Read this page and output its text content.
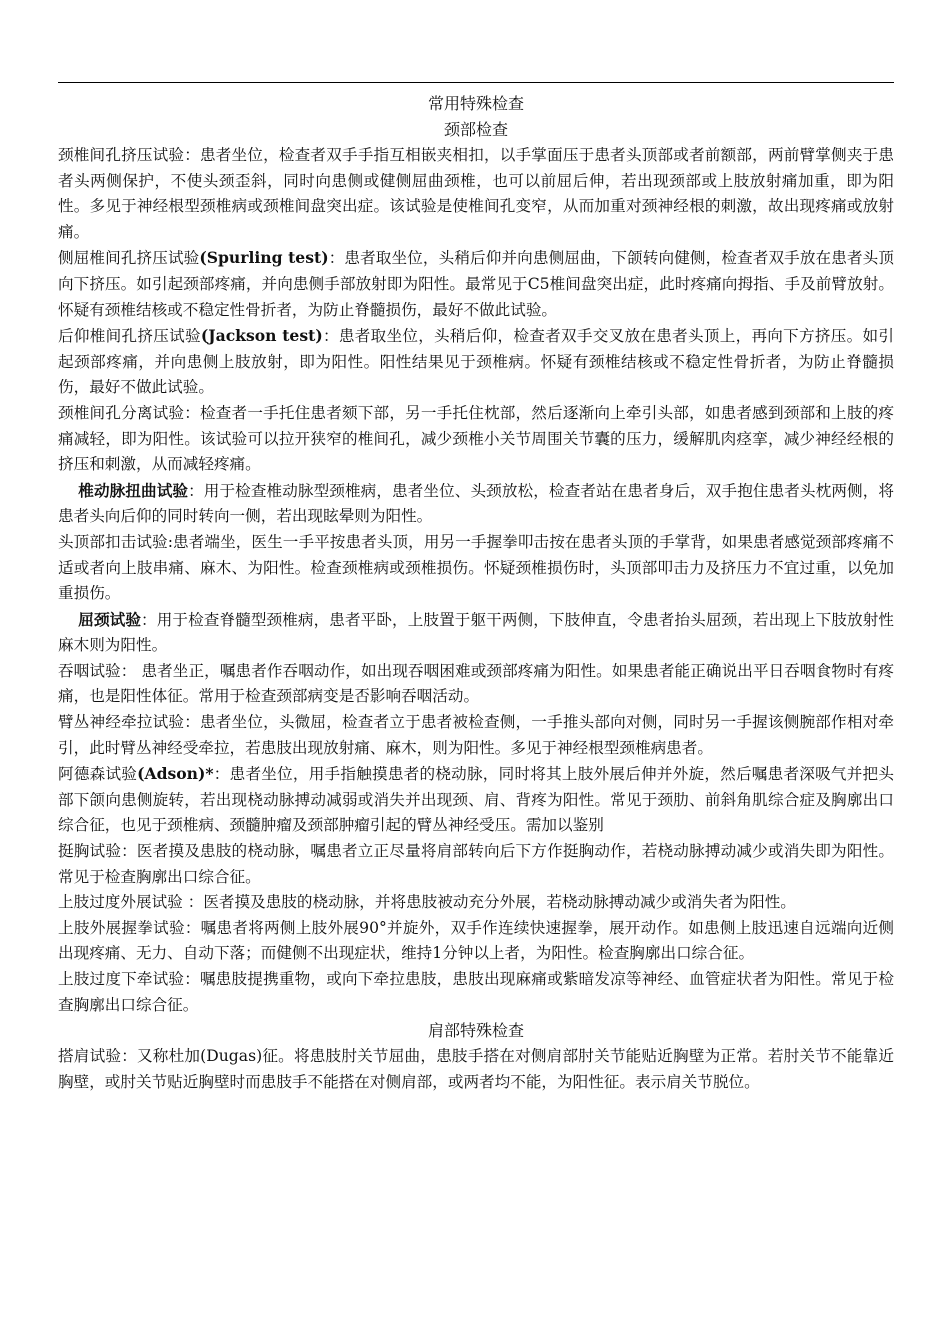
常用特殊检查

颈部检查

颈椎间孔挤压试验：患者坐位，检查者双手手指互相嵌夹相扣，以手掌面压于患者头顶部或者前额部，两前臂掌侧夹于患者头两侧保护，不使头颈歪斜，同时向患侧或健侧屈曲颈椎，也可以前屈后伸，若出现颈部或上肢放射痛加重，即为阳性。多见于神经根型颈椎病或颈椎间盘突出症。该试验是使椎间孔变窄，从而加重对颈神经根的刺激，故出现疼痛或放射痛。

侧屈椎间孔挤压试验(Spurling test)：患者取坐位，头稍后仰并向患侧屈曲，下颌转向健侧，检查者双手放在患者头顶向下挤压。如引起颈部疼痛，并向患侧手部放射即为阳性。最常见于C5椎间盘突出症，此时疼痛向拇指、手及前臂放射。怀疑有颈椎结核或不稳定性骨折者，为防止脊髓损伤，最好不做此试验。

后仰椎间孔挤压试验(Jackson test)：患者取坐位，头稍后仰，检查者双手交叉放在患者头顶上，再向下方挤压。如引起颈部疼痛，并向患侧上肢放射，即为阳性。阳性结果见于颈椎病。怀疑有颈椎结核或不稳定性骨折者，为防止脊髓损伤，最好不做此试验。

颈椎间孔分离试验：检查者一手托住患者颏下部，另一手托住枕部，然后逐渐向上牵引头部，如患者感到颈部和上肢的疼痛减轻，即为阳性。该试验可以拉开狭窄的椎间孔，减少颈椎小关节周围关节囊的压力，缓解肌肉痉挛，减少神经经根的挤压和刺激，从而减轻疼痛。

椎动脉扭曲试验：用于检查椎动脉型颈椎病，患者坐位、头颈放松，检查者站在患者身后，双手抱住患者头枕两侧，将患者头向后仰的同时转向一侧，若出现眩晕则为阳性。

头顶部扣击试验:患者端坐，医生一手平按患者头顶，用另一手握拳叩击按在患者头顶的手掌背，如果患者感觉颈部疼痛不适或者向上肢串痛、麻木、为阳性。检查颈椎病或颈椎损伤。怀疑颈椎损伤时，头顶部叩击力及挤压力不宜过重，以免加重损伤。

屈颈试验：用于检查脊髓型颈椎病，患者平卧，上肢置于躯干两侧，下肢伸直，令患者抬头屈颈，若出现上下肢放射性麻木则为阳性。

吞咽试验： 患者坐正，嘱患者作吞咽动作，如出现吞咽困难或颈部疼痛为阳性。如果患者能正确说出平日吞咽食物时有疼痛，也是阳性体征。常用于检查颈部病变是否影响吞咽活动。

臂丛神经牵拉试验：患者坐位，头微屈，检查者立于患者被检查侧，一手推头部向对侧，同时另一手握该侧腕部作相对牵引，此时臂丛神经受牵拉，若患肢出现放射痛、麻木，则为阳性。多见于神经根型颈椎病患者。

阿德森试验(Adson)*：患者坐位，用手指触摸患者的桡动脉，同时将其上肢外展后伸并外旋，然后嘱患者深吸气并把头部下颌向患侧旋转，若出现桡动脉搏动减弱或消失并出现颈、肩、背疼为阳性。常见于颈肋、前斜角肌综合症及胸廓出口综合征，也见于颈椎病、颈髓肿瘤及颈部肿瘤引起的臂丛神经受压。需加以鉴别

挺胸试验：医者摸及患肢的桡动脉，嘱患者立正尽量将肩部转向后下方作挺胸动作，若桡动脉搏动减少或消失即为阳性。常见于检查胸廓出口综合征。

上肢过度外展试验 ：医者摸及患肢的桡动脉，并将患肢被动充分外展，若桡动脉搏动减少或消失者为阳性。

上肢外展握拳试验：嘱患者将两侧上肢外展90°并旋外，双手作连续快速握拳，展开动作。如患侧上肢迅速自远端向近侧出现疼痛、无力、自动下落；而健侧不出现症状，维持1分钟以上者，为阳性。检查胸廓出口综合征。

上肢过度下牵试验：嘱患肢提携重物，或向下牵拉患肢，患肢出现麻痛或紫暗发凉等神经、血管症状者为阳性。常见于检查胸廓出口综合征。

肩部特殊检查

搭肩试验：又称杜加(Dugas)征。将患肢肘关节屈曲，患肢手搭在对侧肩部肘关节能贴近胸壁为正常。若肘关节不能靠近胸壁，或肘关节贴近胸壁时而患肢手不能搭在对侧肩部，或两者均不能，为阳性征。表示肩关节脱位。
